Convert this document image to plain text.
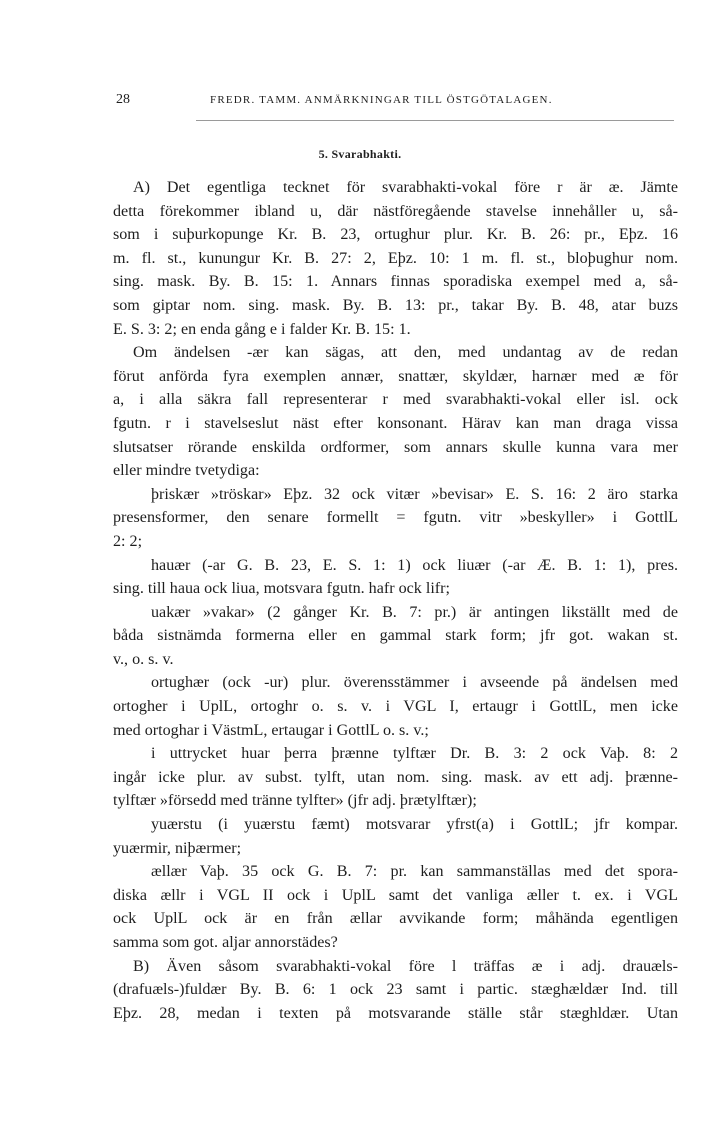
28	FREDR. TAMM. ANMÄRKNINGAR TILL ÖSTGÖTALAGEN.
5. Svarabhakti.
A) Det egentliga tecknet för svarabhakti-vokal före r är æ. Jämte
detta förekommer ibland u, där nästföregående stavelse innehåller u, så-
som i suþurkopunge Kr. B. 23, ortughur plur. Kr. B. 26: pr., Eþz. 16
m. fl. st., kunungur Kr. B. 27: 2, Eþz. 10: 1 m. fl. st., bloþughur nom.
sing. mask. By. B. 15: 1. Annars finnas sporadiska exempel med a, så-
som giptar nom. sing. mask. By. B. 13: pr., takar By. B. 48, atar buzs
E. S. 3: 2; en enda gång e i falder Kr. B. 15: 1.
Om ändelsen -ær kan sägas, att den, med undantag av de redan
förut anförda fyra exemplen annær, snattær, skyldær, harnær med æ för
a, i alla säkra fall representerar r med svarabhakti-vokal eller isl. ock
fgutn. r i stavelseslut näst efter konsonant. Härav kan man draga vissa
slutsatser rörande enskilda ordformer, som annars skulle kunna vara mer
eller mindre tvetydiga:
þriskær »tröskar» Eþz. 32 ock vitær »bevisar» E. S. 16: 2 äro starka
presensformer, den senare formellt = fgutn. vitr »beskyller» i GottlL
2: 2;
hauær (-ar G. B. 23, E. S. 1: 1) ock liuær (-ar Æ. B. 1: 1), pres.
sing. till haua ock liua, motsvara fgutn. hafr ock lifr;
uakær »vakar» (2 gånger Kr. B. 7: pr.) är antingen likställt med de
båda sistnämda formerna eller en gammal stark form; jfr got. wakan st.
v., o. s. v.
ortughær (ock -ur) plur. överensstämmer i avseende på ändelsen med
ortogher i UplL, ortoghr o. s. v. i VGL I, ertaugr i GottlL, men icke
med ortoghar i VästmL, ertaugar i GottlL o. s. v.;
i uttrycket huar þerra þrænne tylftær Dr. B. 3: 2 ock Vaþ. 8: 2
ingår icke plur. av subst. tylft, utan nom. sing. mask. av ett adj. þrænne-
tylftær »försedd med tränne tylfter» (jfr adj. þrætylftær);
yuærstu (i yuærstu fæmt) motsvarar yfrst(a) i GottlL; jfr kompar.
yuærmir, niþærmer;
ællær Vaþ. 35 ock G. B. 7: pr. kan sammanställas med det spora-
diska ællr i VGL II ock i UplL samt det vanliga æller t. ex. i VGL
ock UplL ock är en från ællar avvikande form; måhända egentligen
samma som got. aljar annorstädes?
B) Även såsom svarabhakti-vokal före l träffas æ i adj. drauæls-
(drafuæls-)fuldær By. B. 6: 1 ock 23 samt i partic. stæghældær Ind. till
Eþz. 28, medan i texten på motsvarande ställe står stæghldær. Utan
